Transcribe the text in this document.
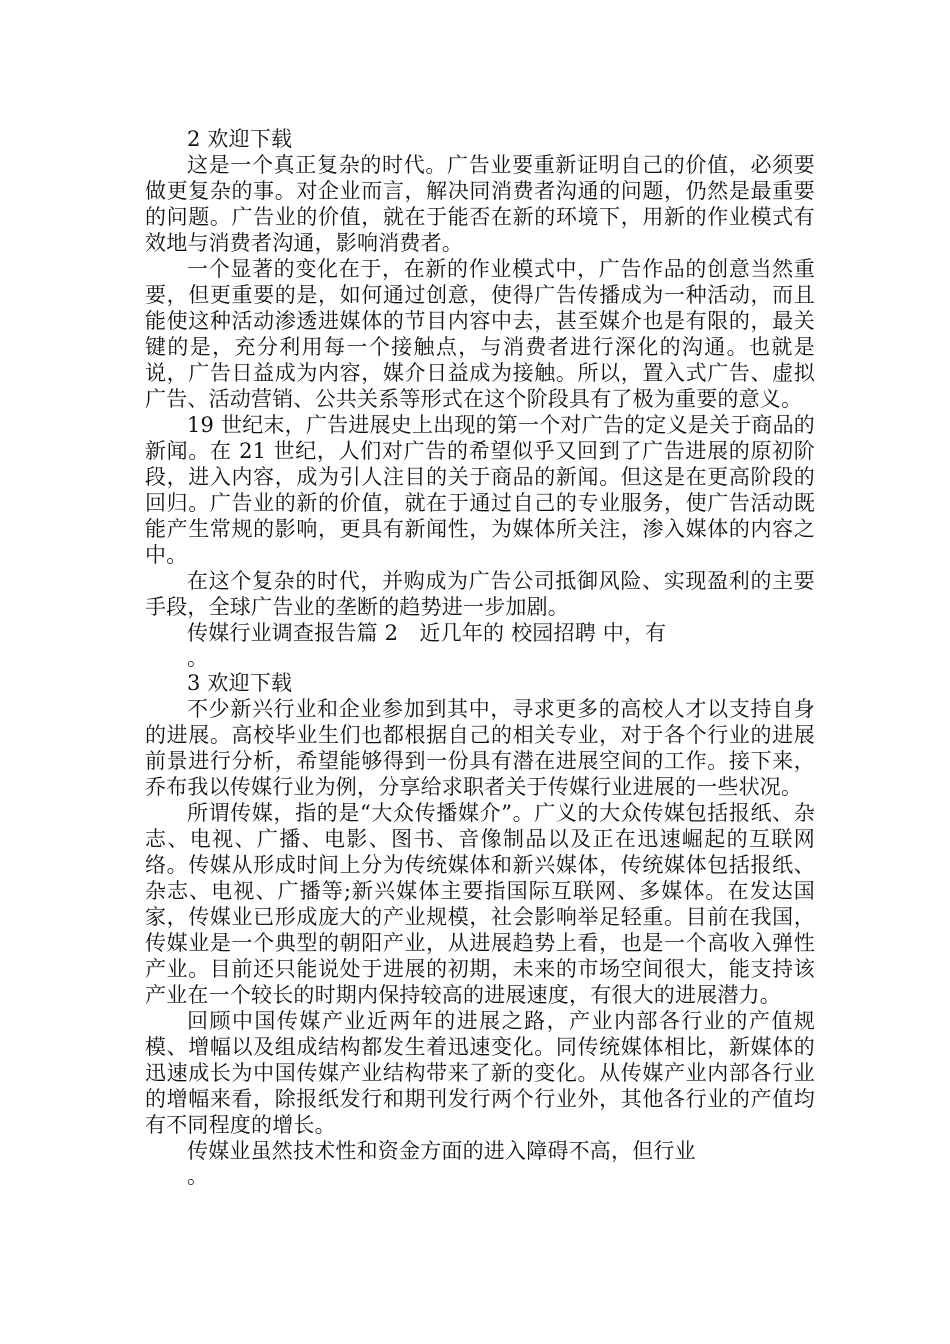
2 欢迎下载

这是一个真正复杂的时代。广告业要重新证明自己的价值，必须要做更复杂的事。对企业而言，解决同消费者沟通的问题，仍然是最重要的问题。广告业的价值，就在于能否在新的环境下，用新的作业模式有效地与消费者沟通，影响消费者。

一个显著的变化在于，在新的作业模式中，广告作品的创意当然重要，但更重要的是，如何通过创意，使得广告传播成为一种活动，而且能使这种活动渗透进媒体的节目内容中去，甚至媒介也是有限的，最关键的是，充分利用每一个接触点，与消费者进行深化的沟通。也就是说，广告日益成为内容，媒介日益成为接触。所以，置入式广告、虚拟广告、活动营销、公共关系等形式在这个阶段具有了极为重要的意义。

19 世纪末，广告进展史上出现的第一个对广告的定义是关于商品的新闻。在 21 世纪，人们对广告的希望似乎又回到了广告进展的原初阶段，进入内容，成为引人注目的关于商品的新闻。但这是在更高阶段的回归。广告业的新的价值，就在于通过自己的专业服务，使广告活动既能产生常规的影响，更具有新闻性，为媒体所关注，渗入媒体的内容之中。

在这个复杂的时代，并购成为广告公司抵御风险、实现盈利的主要手段，全球广告业的垄断的趋势进一步加剧。

传媒行业调查报告篇 2　近几年的 校园招聘 中，有

。

3 欢迎下载

不少新兴行业和企业参加到其中，寻求更多的高校人才以支持自身的进展。高校毕业生们也都根据自己的相关专业，对于各个行业的进展前景进行分析，希望能够得到一份具有潜在进展空间的工作。接下来，乔布我以传媒行业为例，分享给求职者关于传媒行业进展的一些状况。

所谓传媒，指的是“大众传播媒介”。广义的大众传媒包括报纸、杂志、电视、广播、电影、图书、音像制品以及正在迅速崛起的互联网络。传媒从形成时间上分为传统媒体和新兴媒体，传统媒体包括报纸、杂志、电视、广播等;新兴媒体主要指国际互联网、多媒体。在发达国家，传媒业已形成庞大的产业规模，社会影响举足轻重。目前在我国，传媒业是一个典型的朝阳产业，从进展趋势上看，也是一个高收入弹性产业。目前还只能说处于进展的初期，未来的市场空间很大，能支持该产业在一个较长的时期内保持较高的进展速度，有很大的进展潜力。

回顾中国传媒产业近两年的进展之路，产业内部各行业的产值规模、增幅以及组成结构都发生着迅速变化。同传统媒体相比，新媒体的迅速成长为中国传媒产业结构带来了新的变化。从传媒产业内部各行业的增幅来看，除报纸发行和期刊发行两个行业外，其他各行业的产值均有不同程度的增长。

传媒业虽然技术性和资金方面的进入障碍不高，但行业

。
